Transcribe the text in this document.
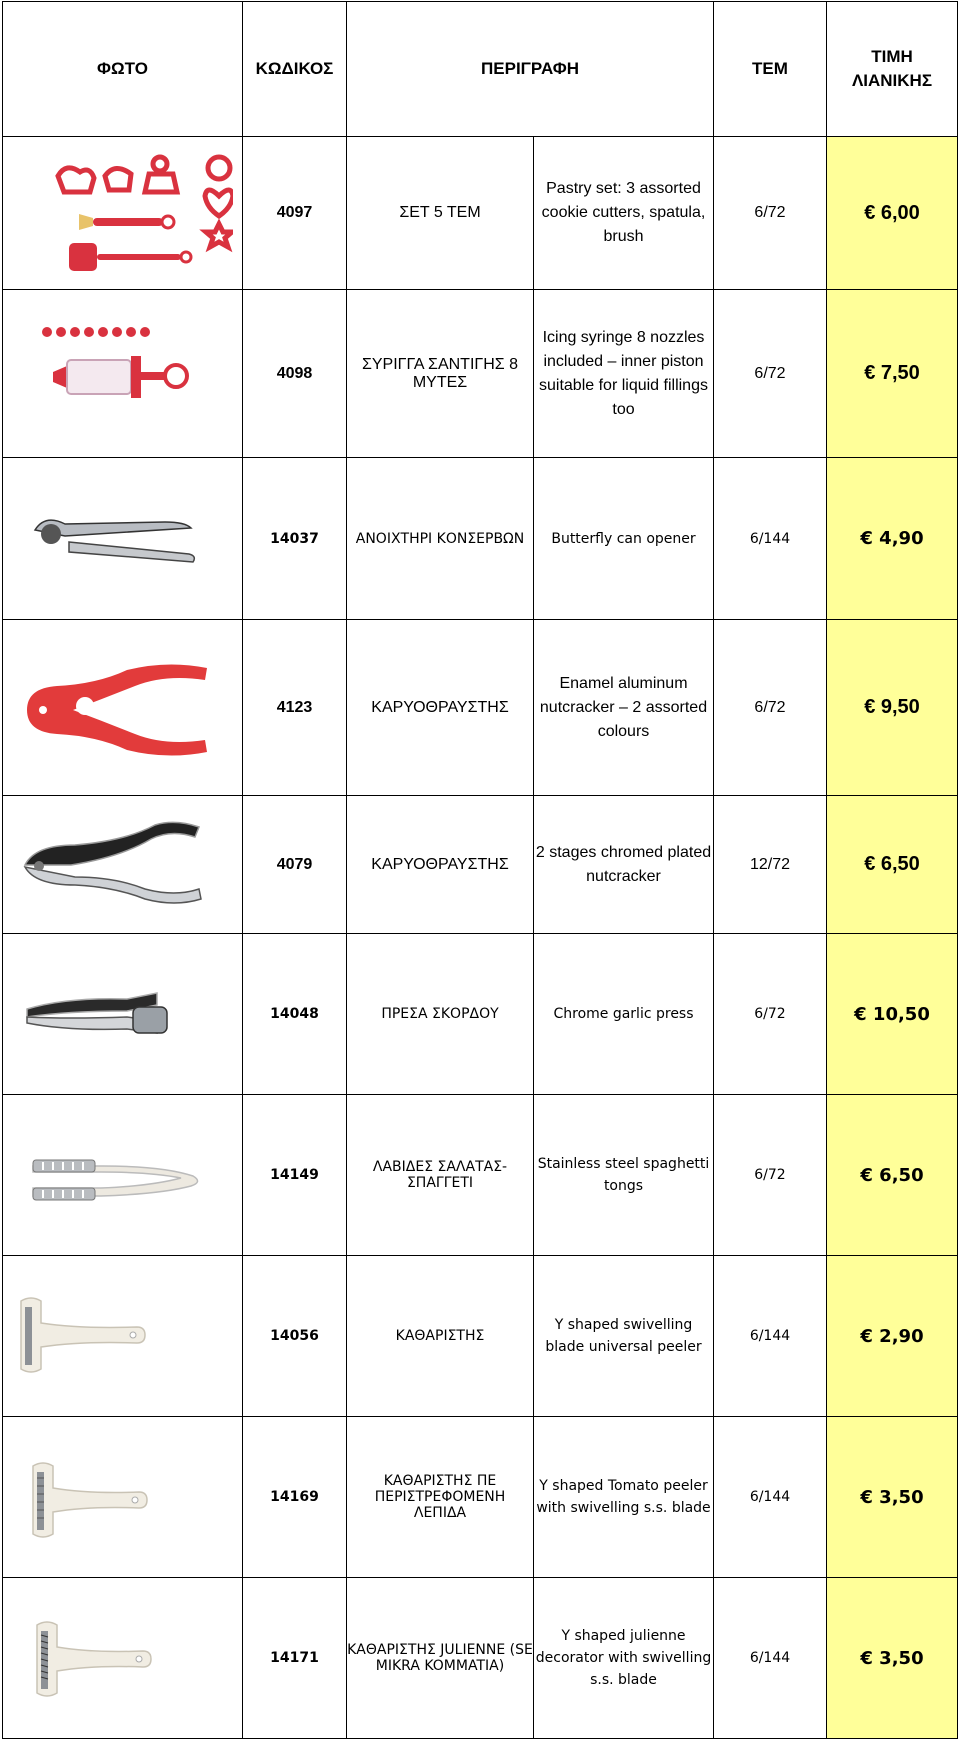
ΦΩΤΟ	ΚΩΔΙΚΟΣ	ΠΕΡΙΓΡΑΦΗ		ΤΕΜ	ΤΙΜΗ
ΛΙΑΝΙΚΗΣ

	4097	ΣΕΤ 5 ΤΕΜ	Pastry set: 3 assorted cookie cutters, spatula, brush	6/72	€ 6,00

	4098	ΣΥΡΙΓΓΑ ΣΑΝΤΙΓΗΣ 8 ΜΥΤΕΣ	Icing syringe 8 nozzles included – inner piston suitable for liquid fillings too	6/72	€ 7,50

	14037	ΑΝΟΙΧΤΗΡΙ ΚΟΝΣΕΡΒΩΝ	Butterfly can opener	6/144	€ 4,90

	4123	ΚΑΡΥΟΘΡΑΥΣΤΗΣ	Enamel aluminum nutcracker – 2 assorted colours	6/72	€ 9,50

	4079	ΚΑΡΥΟΘΡΑΥΣΤΗΣ	2 stages chromed plated nutcracker	12/72	€ 6,50

	14048	ΠΡΕΣΑ ΣΚΟΡΔΟΥ	Chrome garlic press	6/72	€ 10,50

	14149	ΛΑΒΙΔΕΣ ΣΑΛΑΤΑΣ-ΣΠΑΓΓΕΤΙ	Stainless steel spaghetti tongs	6/72	€ 6,50

	14056	ΚΑΘΑΡΙΣΤΗΣ	Y shaped swivelling blade universal peeler	6/144	€ 2,90

	14169	ΚΑΘΑΡΙΣΤΗΣ ΠΕ ΠΕΡΙΣΤΡΕΦΟΜΕΝΗ ΛΕΠΙΔΑ	Y shaped Tomato peeler with swivelling s.s. blade	6/144	€ 3,50

	14171	ΚΑΘΑΡΙΣΤΗΣ JULIENNE (SE MIKRA KOMMATIA)	Y shaped julienne decorator with swivelling s.s. blade	6/144	€ 3,50
